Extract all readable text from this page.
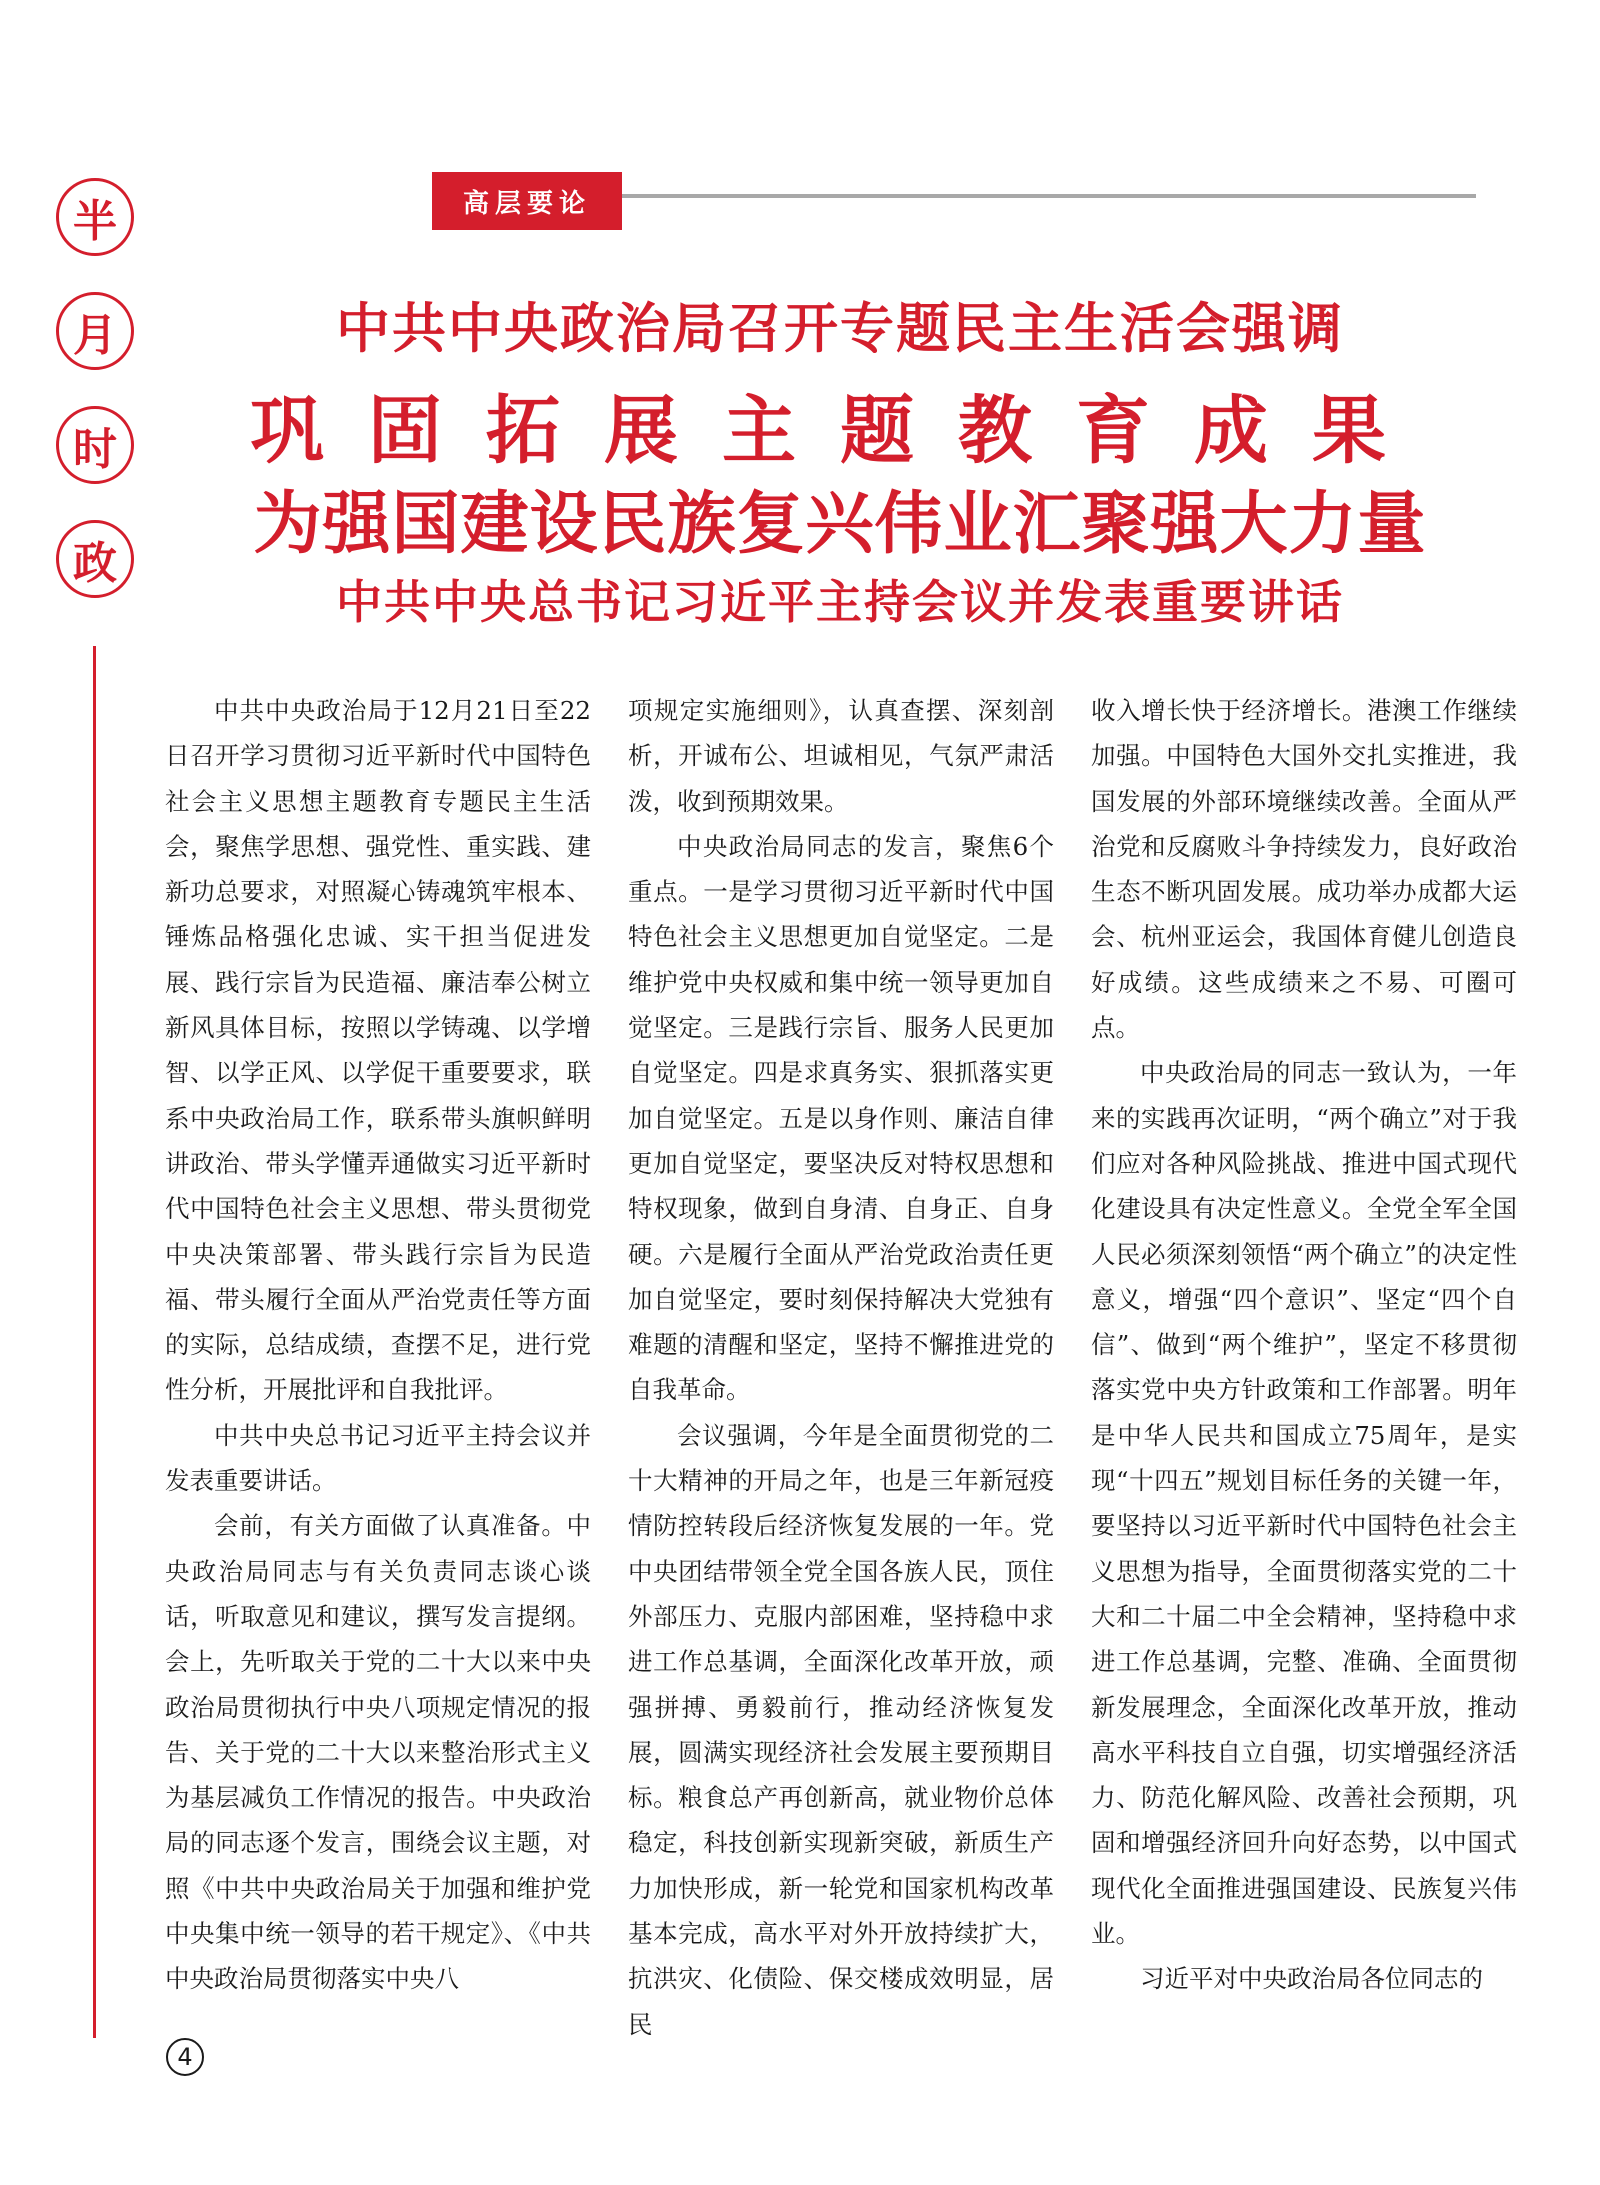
半
月
时
政
高层要论
中共中央政治局召开专题民主生活会强调
巩固拓展主题教育成果
为强国建设民族复兴伟业汇聚强大力量
中共中央总书记习近平主持会议并发表重要讲话

中共中央政治局于12月21日至22日召开学习贯彻习近平新时代中国特色社会主义思想主题教育专题民主生活会，聚焦学思想、强党性、重实践、建新功总要求，对照凝心铸魂筑牢根本、锤炼品格强化忠诚、实干担当促进发展、践行宗旨为民造福、廉洁奉公树立新风具体目标，按照以学铸魂、以学增智、以学正风、以学促干重要要求，联系中央政治局工作，联系带头旗帜鲜明讲政治、带头学懂弄通做实习近平新时代中国特色社会主义思想、带头贯彻党中央决策部署、带头践行宗旨为民造福、带头履行全面从严治党责任等方面的实际，总结成绩，查摆不足，进行党性分析，开展批评和自我批评。

中共中央总书记习近平主持会议并发表重要讲话。

会前，有关方面做了认真准备。中央政治局同志与有关负责同志谈心谈话，听取意见和建议，撰写发言提纲。会上，先听取关于党的二十大以来中央政治局贯彻执行中央八项规定情况的报告、关于党的二十大以来整治形式主义为基层减负工作情况的报告。中央政治局的同志逐个发言，围绕会议主题，对照《中共中央政治局关于加强和维护党中央集中统一领导的若干规定》、《中共中央政治局贯彻落实中央八

项规定实施细则》，认真查摆、深刻剖析，开诚布公、坦诚相见，气氛严肃活泼，收到预期效果。

中央政治局同志的发言，聚焦6个重点。一是学习贯彻习近平新时代中国特色社会主义思想更加自觉坚定。二是维护党中央权威和集中统一领导更加自觉坚定。三是践行宗旨、服务人民更加自觉坚定。四是求真务实、狠抓落实更加自觉坚定。五是以身作则、廉洁自律更加自觉坚定，要坚决反对特权思想和特权现象，做到自身清、自身正、自身硬。六是履行全面从严治党政治责任更加自觉坚定，要时刻保持解决大党独有难题的清醒和坚定，坚持不懈推进党的自我革命。

会议强调，今年是全面贯彻党的二十大精神的开局之年，也是三年新冠疫情防控转段后经济恢复发展的一年。党中央团结带领全党全国各族人民，顶住外部压力、克服内部困难，坚持稳中求进工作总基调，全面深化改革开放，顽强拼搏、勇毅前行，推动经济恢复发展，圆满实现经济社会发展主要预期目标。粮食总产再创新高，就业物价总体稳定，科技创新实现新突破，新质生产力加快形成，新一轮党和国家机构改革基本完成，高水平对外开放持续扩大，抗洪灾、化债险、保交楼成效明显，居民

收入增长快于经济增长。港澳工作继续加强。中国特色大国外交扎实推进，我国发展的外部环境继续改善。全面从严治党和反腐败斗争持续发力，良好政治生态不断巩固发展。成功举办成都大运会、杭州亚运会，我国体育健儿创造良好成绩。这些成绩来之不易、可圈可点。

中央政治局的同志一致认为，一年来的实践再次证明，“两个确立”对于我们应对各种风险挑战、推进中国式现代化建设具有决定性意义。全党全军全国人民必须深刻领悟“两个确立”的决定性意义，增强“四个意识”、坚定“四个自信”、做到“两个维护”，坚定不移贯彻落实党中央方针政策和工作部署。明年是中华人民共和国成立75周年，是实现“十四五”规划目标任务的关键一年，要坚持以习近平新时代中国特色社会主义思想为指导，全面贯彻落实党的二十大和二十届二中全会精神，坚持稳中求进工作总基调，完整、准确、全面贯彻新发展理念，全面深化改革开放，推动高水平科技自立自强，切实增强经济活力、防范化解风险、改善社会预期，巩固和增强经济回升向好态势，以中国式现代化全面推进强国建设、民族复兴伟业。

习近平对中央政治局各位同志的

4
